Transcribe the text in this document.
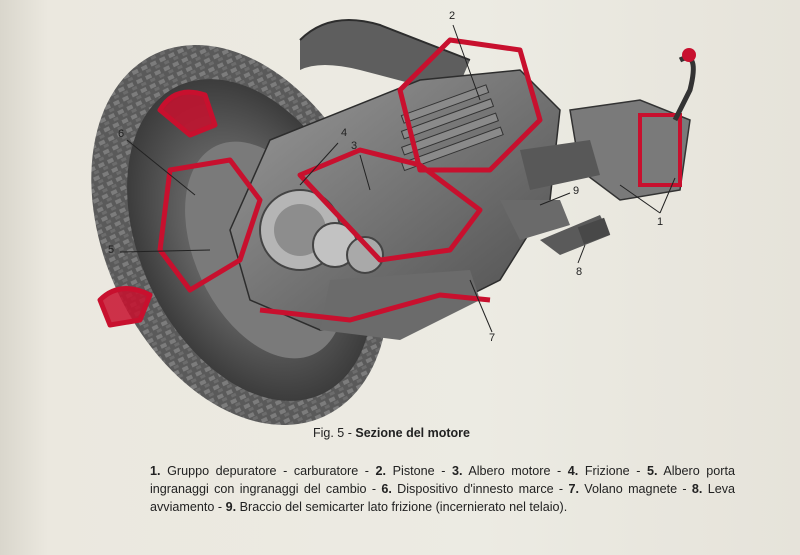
1
2
3
4
5
6
7
8
9
Fig. 5 - Sezione del motore
1. Gruppo depuratore - carburatore - 2. Pistone - 3. Albero motore - 4. Frizione - 5. Albero porta ingranaggi con ingranaggi del cambio - 6. Dispositivo d'innesto marce - 7. Volano magnete - 8. Leva avviamento - 9. Braccio del semicarter lato frizione (incernierato nel telaio).
